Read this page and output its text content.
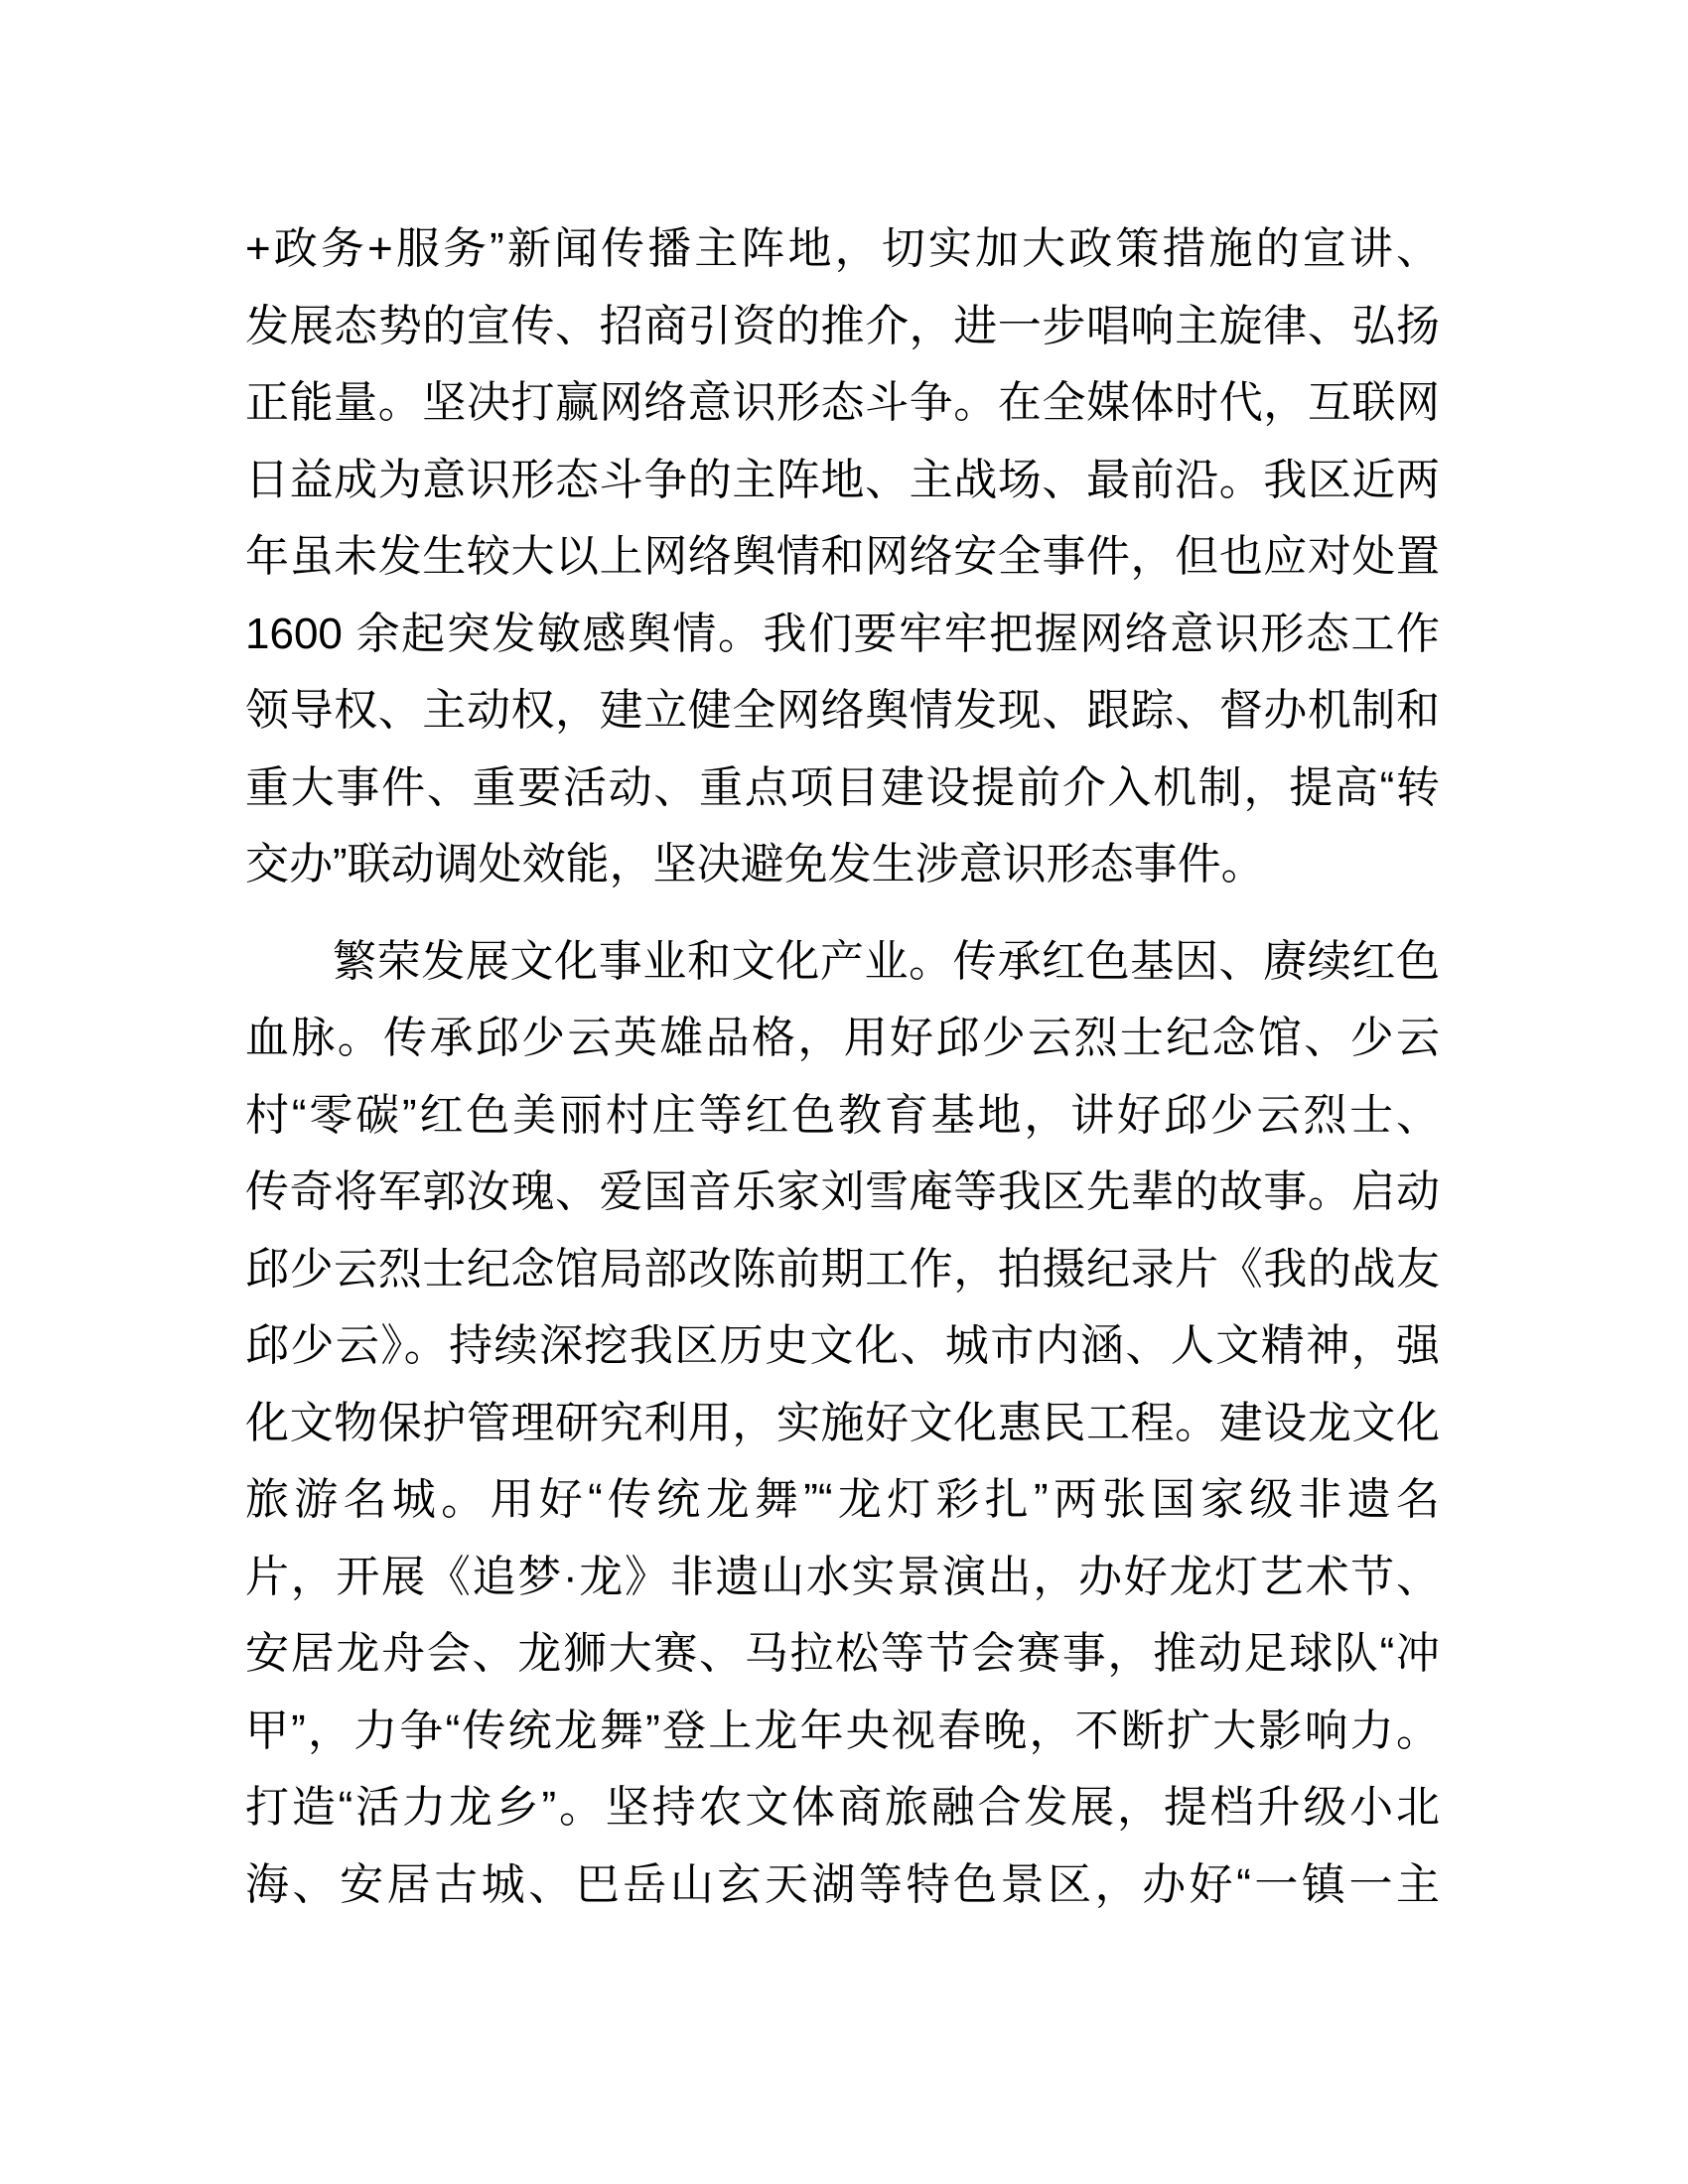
+政务+服务”新闻传播主阵地，切实加大政策措施的宣讲、
发展态势的宣传、招商引资的推介，进一步唱响主旋律、弘扬
正能量。坚决打赢网络意识形态斗争。在全媒体时代，互联网
日益成为意识形态斗争的主阵地、主战场、最前沿。我区近两
年虽未发生较大以上网络舆情和网络安全事件，但也应对处置
1600 余起突发敏感舆情。我们要牢牢把握网络意识形态工作
领导权、主动权，建立健全网络舆情发现、跟踪、督办机制和
重大事件、重要活动、重点项目建设提前介入机制，提高“转
交办”联动调处效能，坚决避免发生涉意识形态事件。
繁荣发展文化事业和文化产业。传承红色基因、赓续红色
血脉。传承邱少云英雄品格，用好邱少云烈士纪念馆、少云
村“零碳”红色美丽村庄等红色教育基地，讲好邱少云烈士、
传奇将军郭汝瑰、爱国音乐家刘雪庵等我区先辈的故事。启动
邱少云烈士纪念馆局部改陈前期工作，拍摄纪录片《我的战友
邱少云》。持续深挖我区历史文化、城市内涵、人文精神，强
化文物保护管理研究利用，实施好文化惠民工程。建设龙文化
旅游名城。用好“传统龙舞”“龙灯彩扎”两张国家级非遗名
片，开展《追梦·龙》非遗山水实景演出，办好龙灯艺术节、
安居龙舟会、龙狮大赛、马拉松等节会赛事，推动足球队“冲
甲”，力争“传统龙舞”登上龙年央视春晚，不断扩大影响力。
打造“活力龙乡”。坚持农文体商旅融合发展，提档升级小北
海、安居古城、巴岳山玄天湖等特色景区，办好“一镇一主
